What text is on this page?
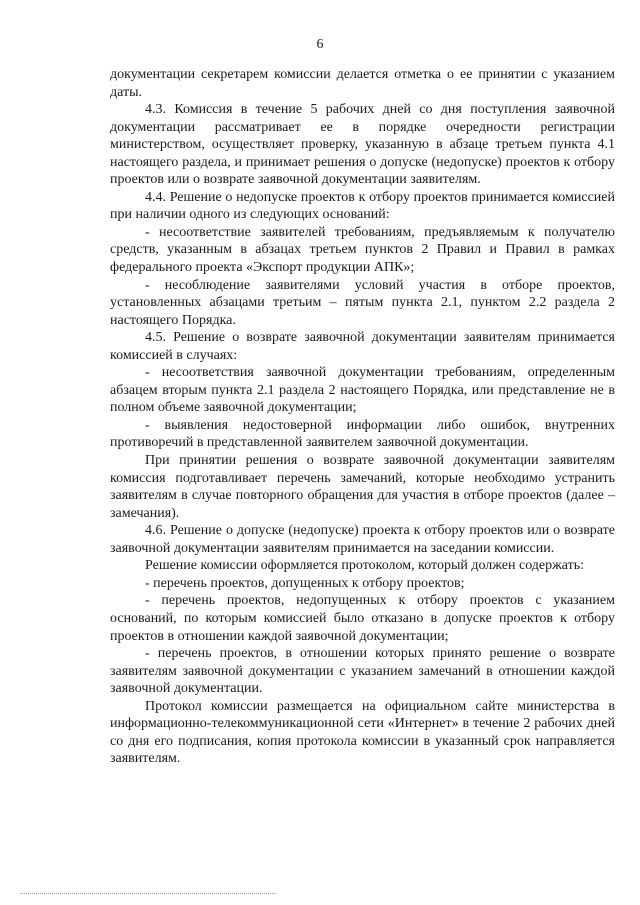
6

документации секретарем комиссии делается отметка о ее принятии с указанием даты.

4.3. Комиссия в течение 5 рабочих дней со дня поступления заявочной документации рассматривает ее в порядке очередности регистрации министерством, осуществляет проверку, указанную в абзаце третьем пункта 4.1 настоящего раздела, и принимает решения о допуске (недопуске) проектов к отбору проектов или о возврате заявочной документации заявителям.

4.4. Решение о недопуске проектов к отбору проектов принимается комиссией при наличии одного из следующих оснований:

- несоответствие заявителей требованиям, предъявляемым к получателю средств, указанным в абзацах третьем пунктов 2 Правил и Правил в рамках федерального проекта «Экспорт продукции АПК»;

- несоблюдение заявителями условий участия в отборе проектов, установленных абзацами третьим – пятым пункта 2.1, пунктом 2.2 раздела 2 настоящего Порядка.

4.5. Решение о возврате заявочной документации заявителям принимается комиссией в случаях:

- несоответствия заявочной документации требованиям, определенным абзацем вторым пункта 2.1 раздела 2 настоящего Порядка, или представление не в полном объеме заявочной документации;

- выявления недостоверной информации либо ошибок, внутренних противоречий в представленной заявителем заявочной документации.

При принятии решения о возврате заявочной документации заявителям комиссия подготавливает перечень замечаний, которые необходимо устранить заявителям в случае повторного обращения для участия в отборе проектов (далее – замечания).

4.6. Решение о допуске (недопуске) проекта к отбору проектов или о возврате заявочной документации заявителям принимается на заседании комиссии.

Решение комиссии оформляется протоколом, который должен содержать:

- перечень проектов, допущенных к отбору проектов;

- перечень проектов, недопущенных к отбору проектов с указанием оснований, по которым комиссией было отказано в допуске проектов к отбору проектов в отношении каждой заявочной документации;

- перечень проектов, в отношении которых принято решение о возврате заявителям заявочной документации с указанием замечаний в отношении каждой заявочной документации.

Протокол комиссии размещается на официальном сайте министерства в информационно-телекоммуникационной сети «Интернет» в течение 2 рабочих дней со дня его подписания, копия протокола комиссии в указанный срок направляется заявителям.
